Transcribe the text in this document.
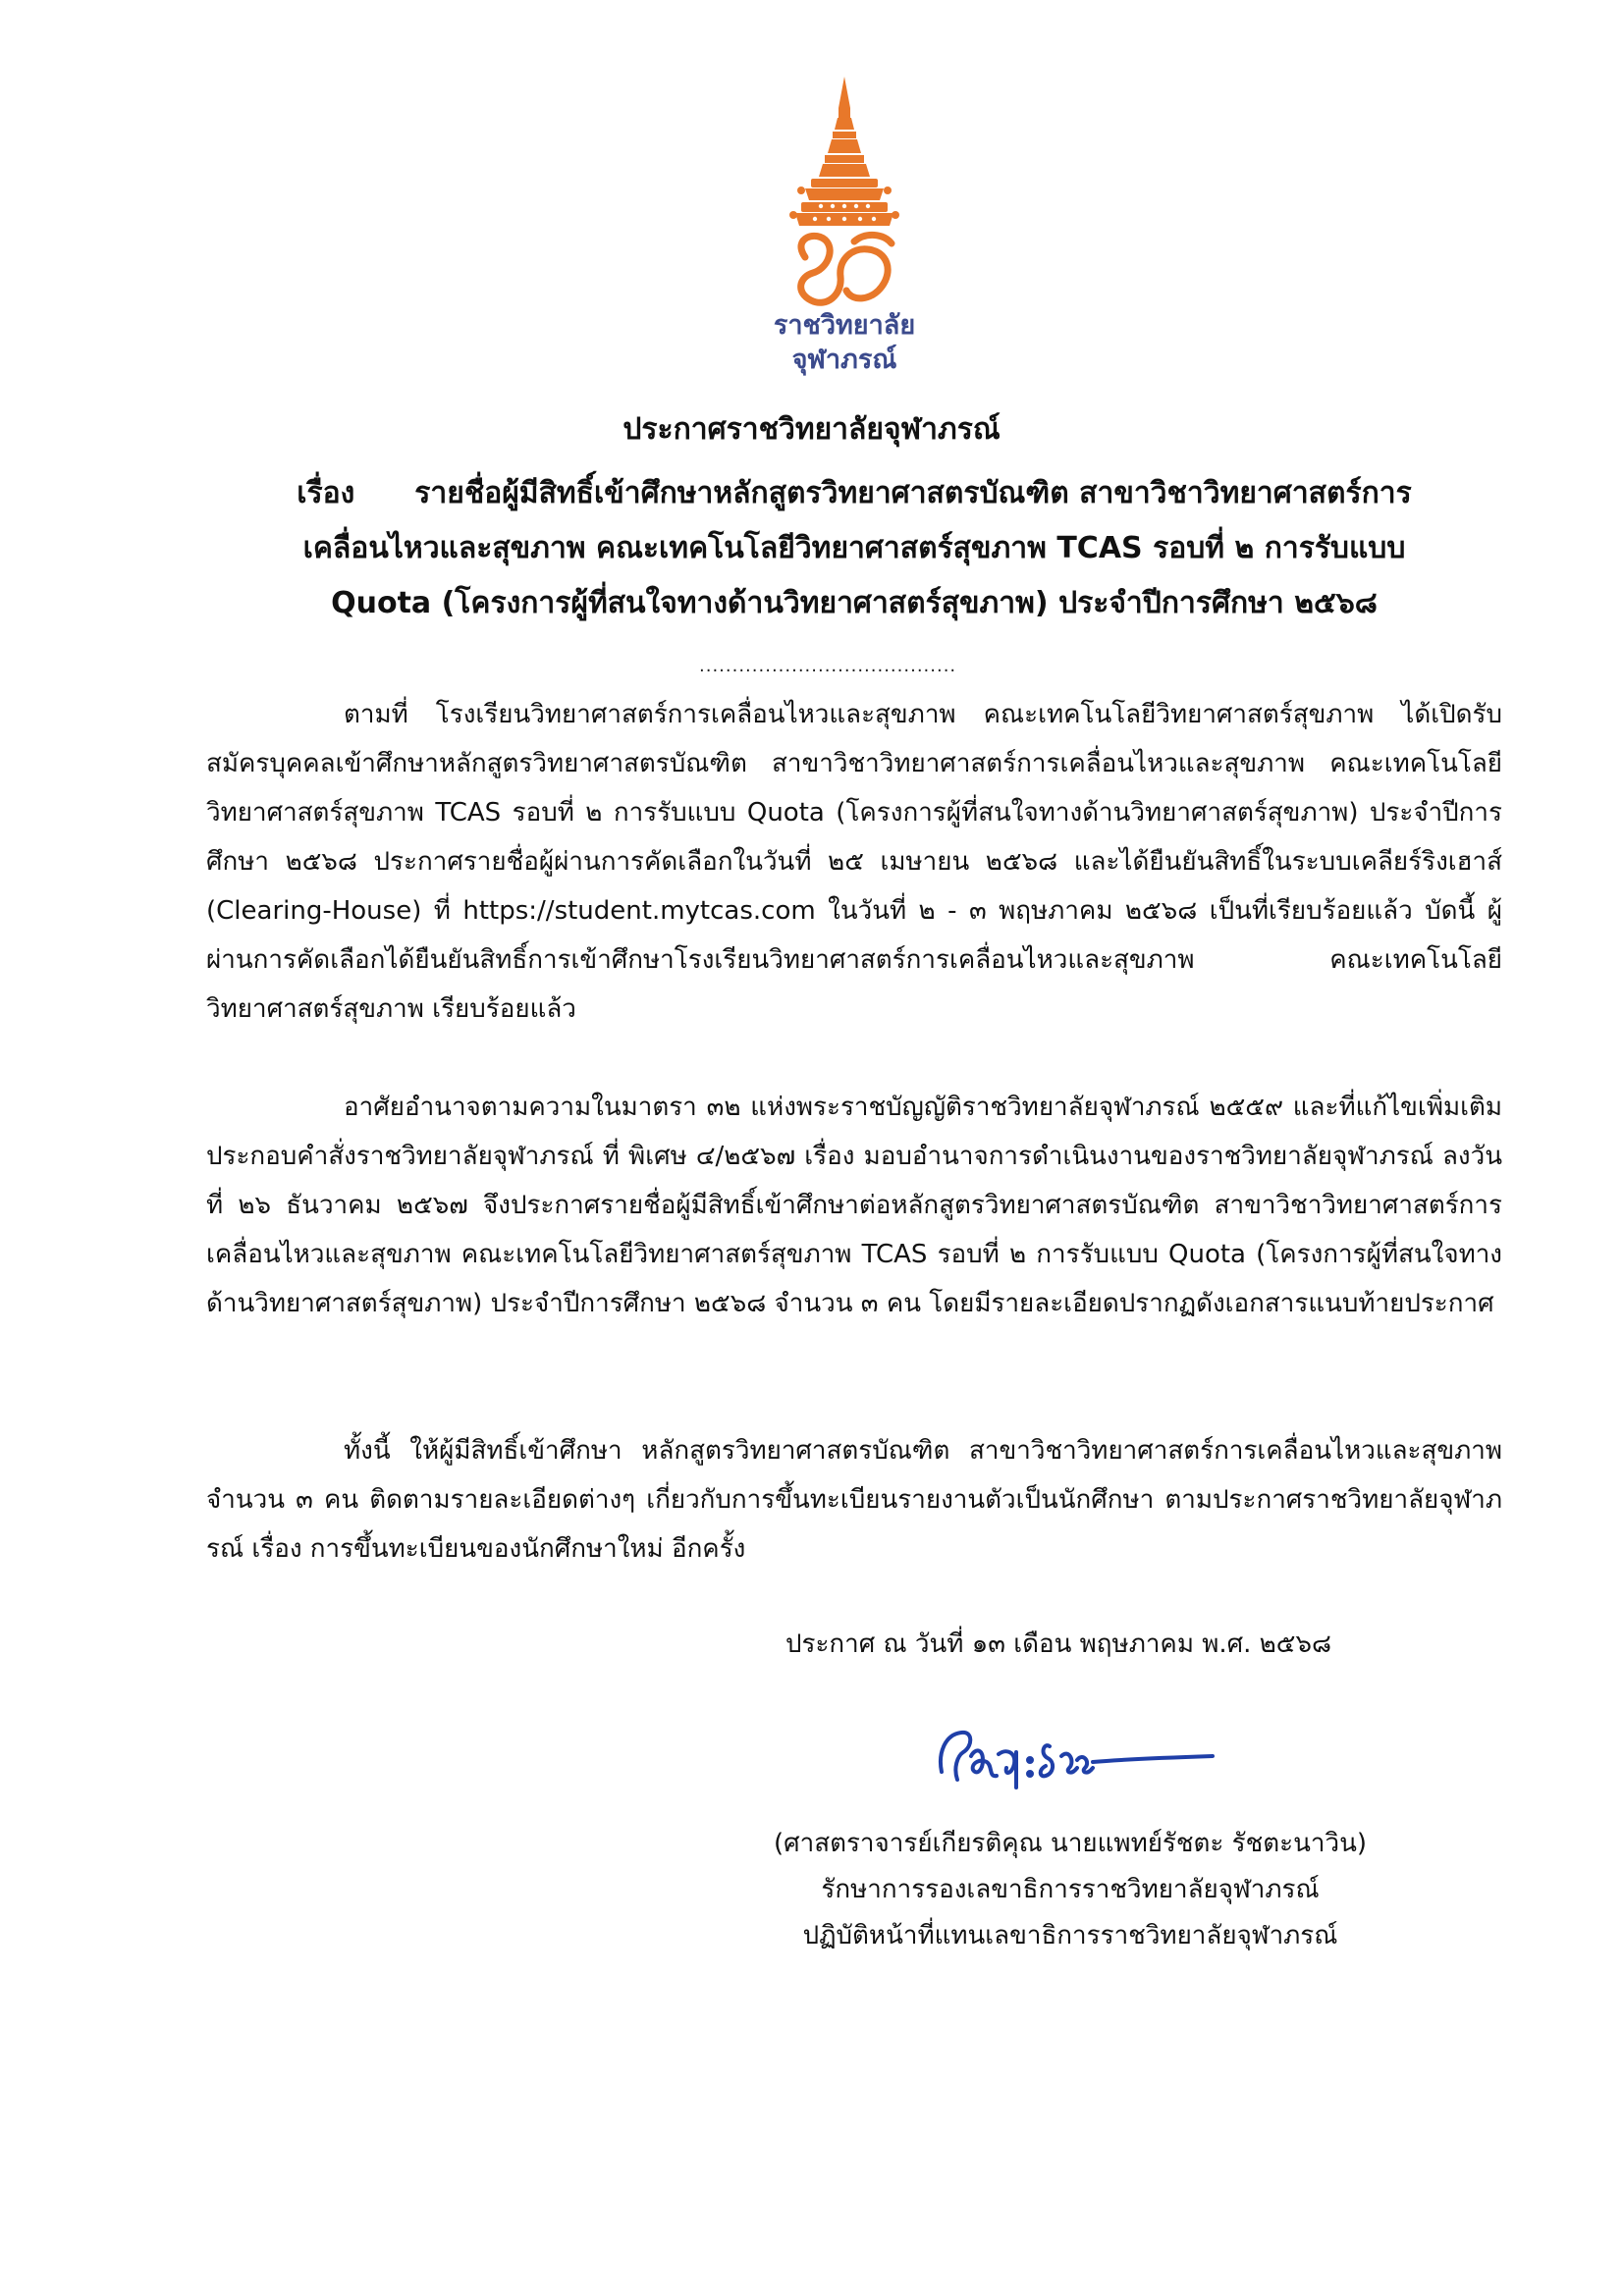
ราชวิทยาลัย
จุฬาภรณ์
ประกาศราชวิทยาลัยจุฬาภรณ์
เรื่อง รายชื่อผู้มีสิทธิ์เข้าศึกษาหลักสูตรวิทยาศาสตรบัณฑิต สาขาวิชาวิทยาศาสตร์การ
เคลื่อนไหวและสุขภาพ คณะเทคโนโลยีวิทยาศาสตร์สุขภาพ TCAS รอบที่ ๒ การรับแบบ
Quota (โครงการผู้ที่สนใจทางด้านวิทยาศาสตร์สุขภาพ) ประจำปีการศึกษา ๒๕๖๘
.......................................
ตามที่ โรงเรียนวิทยาศาสตร์การเคลื่อนไหวและสุขภาพ คณะเทคโนโลยีวิทยาศาสตร์สุขภาพ ได้เปิดรับสมัครบุคคลเข้าศึกษาหลักสูตรวิทยาศาสตรบัณฑิต สาขาวิชาวิทยาศาสตร์การเคลื่อนไหวและสุขภาพ คณะเทคโนโลยีวิทยาศาสตร์สุขภาพ TCAS รอบที่ ๒ การรับแบบ Quota (โครงการผู้ที่สนใจทางด้านวิทยาศาสตร์สุขภาพ) ประจำปีการศึกษา ๒๕๖๘ ประกาศรายชื่อผู้ผ่านการคัดเลือกในวันที่ ๒๕ เมษายน ๒๕๖๘ และได้ยืนยันสิทธิ์ในระบบเคลียร์ริงเฮาส์ (Clearing-House) ที่ https://student.mytcas.com ในวันที่ ๒ - ๓ พฤษภาคม ๒๕๖๘ เป็นที่เรียบร้อยแล้ว บัดนี้ ผู้ผ่านการคัดเลือกได้ยืนยันสิทธิ์การเข้าศึกษาโรงเรียนวิทยาศาสตร์การเคลื่อนไหวและสุขภาพ คณะเทคโนโลยีวิทยาศาสตร์สุขภาพ เรียบร้อยแล้ว
อาศัยอำนาจตามความในมาตรา ๓๒ แห่งพระราชบัญญัติราชวิทยาลัยจุฬาภรณ์ ๒๕๕๙ และที่แก้ไขเพิ่มเติม ประกอบคำสั่งราชวิทยาลัยจุฬาภรณ์ ที่ พิเศษ ๔/๒๕๖๗ เรื่อง มอบอำนาจการดำเนินงานของราชวิทยาลัยจุฬาภรณ์ ลงวันที่ ๒๖ ธันวาคม ๒๕๖๗ จึงประกาศรายชื่อผู้มีสิทธิ์เข้าศึกษาต่อหลักสูตรวิทยาศาสตรบัณฑิต สาขาวิชาวิทยาศาสตร์การเคลื่อนไหวและสุขภาพ คณะเทคโนโลยีวิทยาศาสตร์สุขภาพ TCAS รอบที่ ๒ การรับแบบ Quota (โครงการผู้ที่สนใจทางด้านวิทยาศาสตร์สุขภาพ) ประจำปีการศึกษา ๒๕๖๘ จำนวน ๓ คน โดยมีรายละเอียดปรากฏดังเอกสารแนบท้ายประกาศ
ทั้งนี้ ให้ผู้มีสิทธิ์เข้าศึกษา หลักสูตรวิทยาศาสตรบัณฑิต สาขาวิชาวิทยาศาสตร์การเคลื่อนไหวและสุขภาพ จำนวน ๓ คน ติดตามรายละเอียดต่างๆ เกี่ยวกับการขึ้นทะเบียนรายงานตัวเป็นนักศึกษา ตามประกาศราชวิทยาลัยจุฬาภรณ์ เรื่อง การขึ้นทะเบียนของนักศึกษาใหม่ อีกครั้ง
ประกาศ ณ วันที่ ๑๓ เดือน พฤษภาคม พ.ศ. ๒๕๖๘
(ศาสตราจารย์เกียรติคุณ นายแพทย์รัชตะ รัชตะนาวิน)
รักษาการรองเลขาธิการราชวิทยาลัยจุฬาภรณ์
ปฏิบัติหน้าที่แทนเลขาธิการราชวิทยาลัยจุฬาภรณ์
